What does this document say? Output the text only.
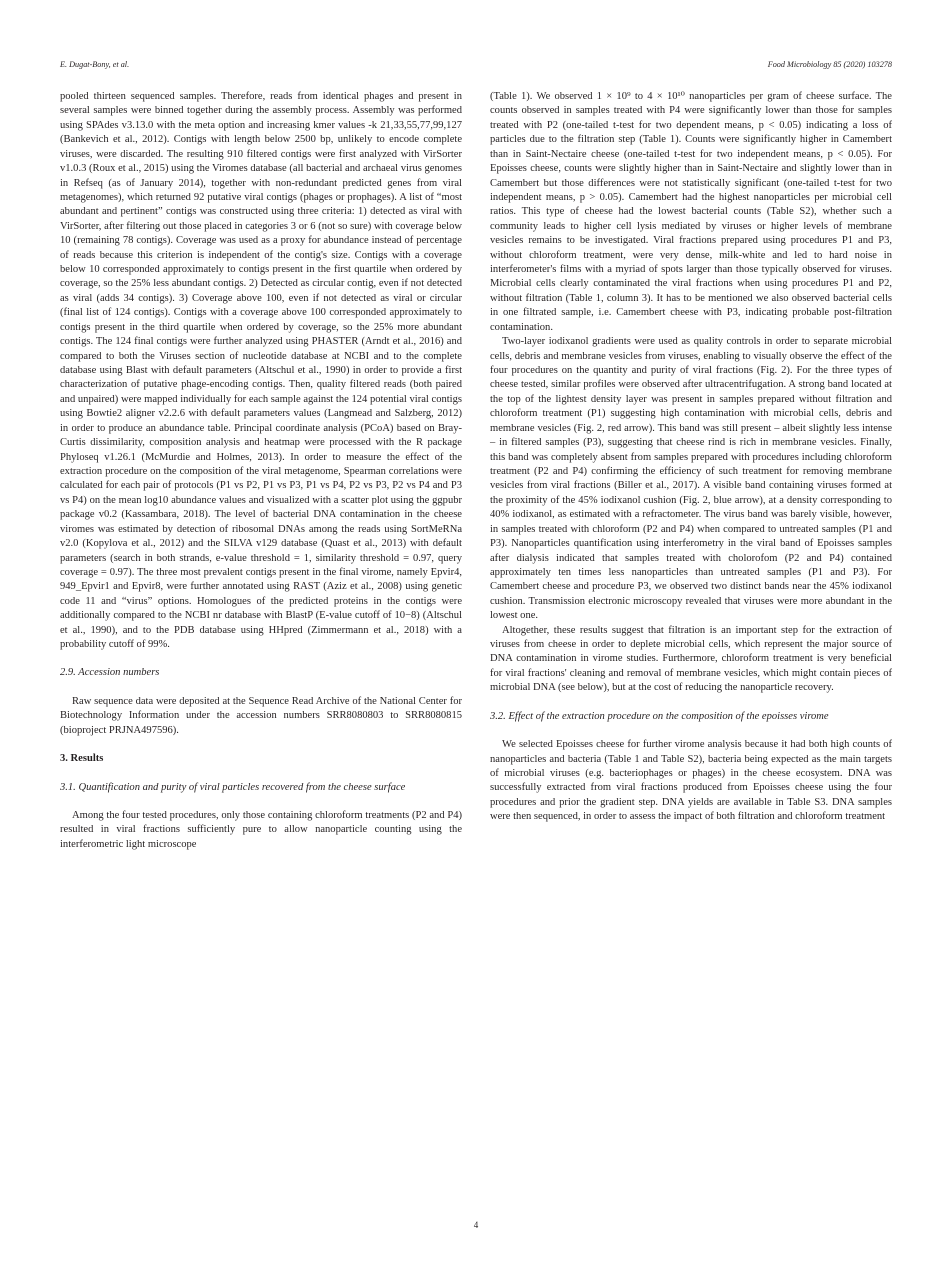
E. Dugat-Bony, et al.	Food Microbiology 85 (2020) 103278

pooled thirteen sequenced samples. Therefore, reads from identical phages and present in several samples were binned together during the assembly process. Assembly was performed using SPAdes v3.13.0 with the meta option and increasing kmer values -k 21,33,55,77,99,127 (Bankevich et al., 2012). Contigs with length below 2500 bp, unlikely to encode complete viruses, were discarded. The resulting 910 filtered contigs were first analyzed with VirSorter v1.0.3 (Roux et al., 2015) using the Viromes database (all bacterial and archaeal virus genomes in Refseq (as of January 2014), together with non-redundant predicted genes from viral metagenomes), which returned 92 putative viral contigs (phages or prophages). A list of “most abundant and pertinent” contigs was constructed using three criteria: 1) detected as viral with VirSorter, after filtering out those placed in categories 3 or 6 (not so sure) with coverage below 10 (remaining 78 contigs). Coverage was used as a proxy for abundance instead of percentage of reads because this criterion is independent of the contig's size. Contigs with a coverage below 10 corresponded approximately to contigs present in the first quartile when ordered by coverage, so the 25% less abundant contigs. 2) Detected as circular contig, even if not detected as viral (adds 34 contigs). 3) Coverage above 100, even if not detected as viral or circular (final list of 124 contigs). Contigs with a coverage above 100 corresponded approximately to contigs present in the third quartile when ordered by coverage, so the 25% more abundant contigs. The 124 final contigs were further analyzed using PHASTER (Arndt et al., 2016) and compared to both the Viruses section of nucleotide database at NCBI and to the complete database using Blast with default parameters (Altschul et al., 1990) in order to provide a first characterization of putative phage-encoding contigs. Then, quality filtered reads (both paired and unpaired) were mapped individually for each sample against the 124 potential viral contigs using Bowtie2 aligner v2.2.6 with default parameters values (Langmead and Salzberg, 2012) in order to produce an abundance table. Principal coordinate analysis (PCoA) based on Bray-Curtis dissimilarity, composition analysis and heatmap were processed with the R package Phyloseq v1.26.1 (McMurdie and Holmes, 2013). In order to measure the effect of the extraction procedure on the composition of the viral metagenome, Spearman correlations were calculated for each pair of protocols (P1 vs P2, P1 vs P3, P1 vs P4, P2 vs P3, P2 vs P4 and P3 vs P4) on the mean log10 abundance values and visualized with a scatter plot using the ggpubr package v0.2 (Kassambara, 2018). The level of bacterial DNA contamination in the cheese viromes was estimated by detection of ribosomal DNAs among the reads using SortMeRNa v2.0 (Kopylova et al., 2012) and the SILVA v129 database (Quast et al., 2013) with default parameters (search in both strands, e-value threshold = 1, similarity threshold = 0.97, query coverage = 0.97). The three most prevalent contigs present in the final virome, namely Epvir4, 949_Epvir1 and Epvir8, were further annotated using RAST (Aziz et al., 2008) using genetic code 11 and “virus” options. Homologues of the predicted proteins in the contigs were additionally compared to the NCBI nr database with BlastP (E-value cutoff of 10−8) (Altschul et al., 1990), and to the PDB database using HHpred (Zimmermann et al., 2018) with a probability cutoff of 99%.

2.9. Accession numbers

Raw sequence data were deposited at the Sequence Read Archive of the National Center for Biotechnology Information under the accession numbers SRR8080803 to SRR8080815 (bioproject PRJNA497596).

3. Results
3.1. Quantification and purity of viral particles recovered from the cheese surface

Among the four tested procedures, only those containing chloroform treatments (P2 and P4) resulted in viral fractions sufficiently pure to allow nanoparticle counting using the interferometric light microscope

(Table 1). We observed 1 × 10⁹ to 4 × 10¹⁰ nanoparticles per gram of cheese surface. The counts observed in samples treated with P4 were significantly lower than those for samples treated with P2 (one-tailed t-test for two dependent means, p < 0.05) indicating a loss of particles due to the filtration step (Table 1). Counts were significantly higher in Camembert than in Saint-Nectaire cheese (one-tailed t-test for two independent means, p < 0.05). For Epoisses cheese, counts were slightly higher than in Saint-Nectaire and slightly lower than in Camembert but those differences were not statistically significant (one-tailed t-test for two independent means, p > 0.05). Camembert had the highest nanoparticles per microbial cell ratios. This type of cheese had the lowest bacterial counts (Table S2), whether such a community leads to higher cell lysis mediated by viruses or higher levels of membrane vesicles remains to be investigated. Viral fractions prepared using procedures P1 and P3, without chloroform treatment, were very dense, milk-white and led to hard noise in interferometer's films with a myriad of spots larger than those typically observed for viruses. Microbial cells clearly contaminated the viral fractions when using procedures P1 and P2, without filtration (Table 1, column 3). It has to be mentioned we also observed bacterial cells in one filtrated sample, i.e. Camembert cheese with P3, indicating probable post-filtration contamination.

Two-layer iodixanol gradients were used as quality controls in order to separate microbial cells, debris and membrane vesicles from viruses, enabling to visually observe the effect of the four procedures on the quantity and purity of viral fractions (Fig. 2). For the three types of cheese tested, similar profiles were observed after ultracentrifugation. A strong band located at the top of the lightest density layer was present in samples prepared without filtration and chloroform treatment (P1) suggesting high contamination with microbial cells, debris and membrane vesicles (Fig. 2, red arrow). This band was still present – albeit slightly less intense – in filtered samples (P3), suggesting that cheese rind is rich in membrane vesicles. Finally, this band was completely absent from samples prepared with procedures including chloroform treatment (P2 and P4) confirming the efficiency of such treatment for removing membrane vesicles from viral fractions (Biller et al., 2017). A visible band containing viruses formed at the proximity of the 45% iodixanol cushion (Fig. 2, blue arrow), at a density corresponding to 40% iodixanol, as estimated with a refractometer. The virus band was barely visible, however, in samples treated with chloroform (P2 and P4) when compared to untreated samples (P1 and P3). Nanoparticles quantification using interferometry in the viral band of Epoisses samples after dialysis indicated that samples treated with cholorofom (P2 and P4) contained approximately ten times less nanoparticles than untreated samples (P1 and P3). For Camembert cheese and procedure P3, we observed two distinct bands near the 45% iodixanol cushion. Transmission electronic microscopy revealed that viruses were more abundant in the lowest one.

Altogether, these results suggest that filtration is an important step for the extraction of viruses from cheese in order to deplete microbial cells, which represent the major source of DNA contamination in virome studies. Furthermore, chloroform treatment is very beneficial for viral fractions' cleaning and removal of membrane vesicles, which might contain pieces of microbial DNA (see below), but at the cost of reducing the nanoparticle recovery.

3.2. Effect of the extraction procedure on the composition of the epoisses virome

We selected Epoisses cheese for further virome analysis because it had both high counts of nanoparticles and bacteria (Table 1 and Table S2), bacteria being expected as the main targets of microbial viruses (e.g. bacteriophages or phages) in the cheese ecosystem. DNA was successfully extracted from viral fractions produced from Epoisses cheese using the four procedures and prior the gradient step. DNA yields are available in Table S3. DNA samples were then sequenced, in order to assess the impact of both filtration and chloroform treatment

4
